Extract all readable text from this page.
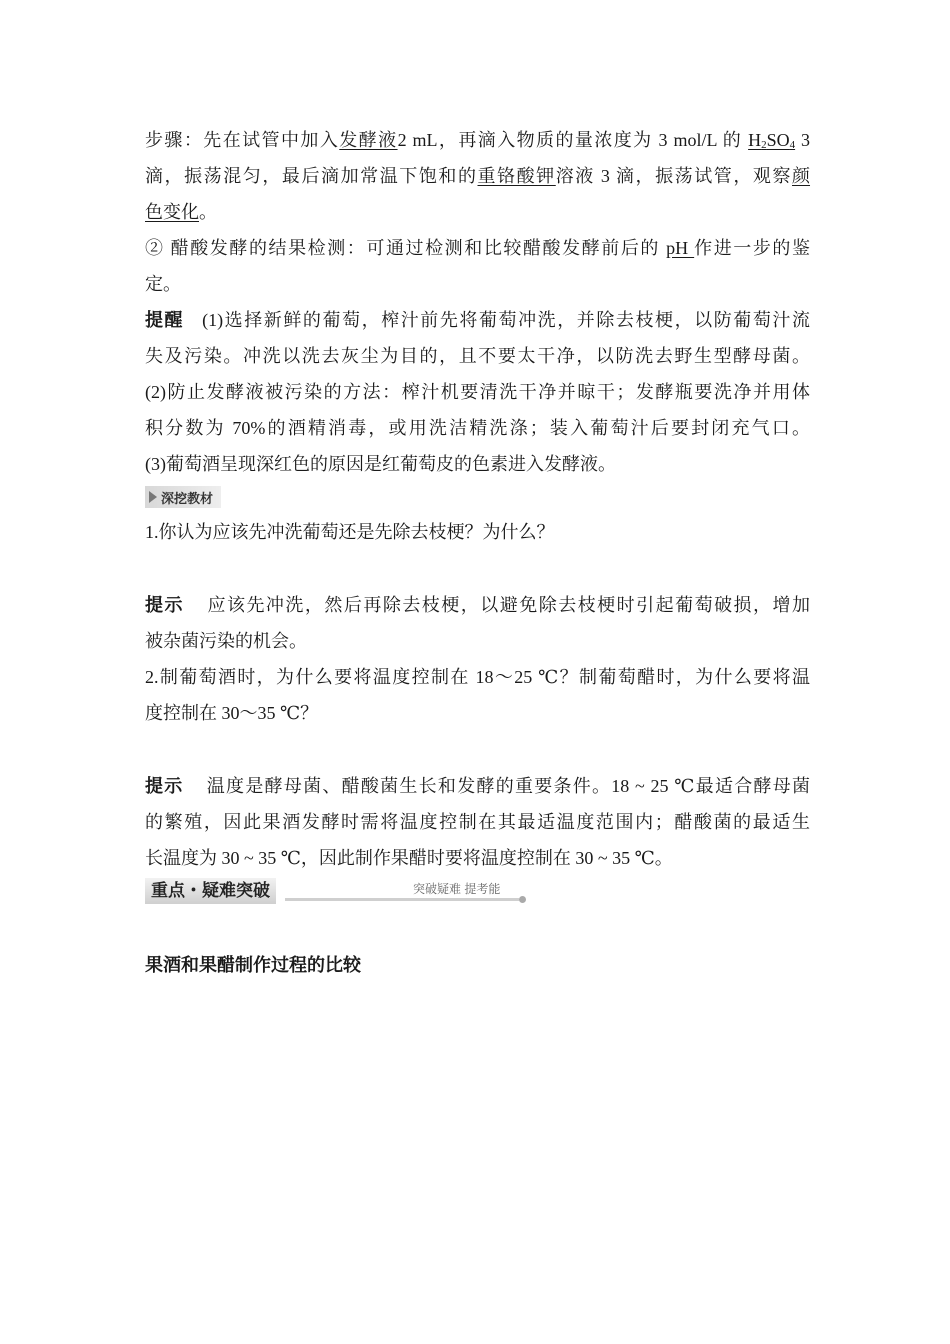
步骤：先在试管中加入发酵液2 mL，再滴入物质的量浓度为 3 mol/L 的 $H_2SO_4$ 3
滴，振荡混匀，最后滴加常温下饱和的重铬酸钾溶液 3 滴，振荡试管，观察颜
色变化。
② 醋酸发酵的结果检测：可通过检测和比较醋酸发酵前后的 pH 作进一步的鉴
定。
提醒 (1)选择新鲜的葡萄，榨汁前先将葡萄冲洗，并除去枝梗，以防葡萄汁流
失及污染。冲洗以洗去灰尘为目的，且不要太干净，以防洗去野生型酵母菌。
(2)防止发酵液被污染的方法：榨汁机要清洗干净并晾干；发酵瓶要洗净并用体
积分数为 70%的酒精消毒，或用洗洁精洗涤；装入葡萄汁后要封闭充气口。
(3)葡萄酒呈现深红色的原因是红葡萄皮的色素进入发酵液。
深挖教材
1.你认为应该先冲洗葡萄还是先除去枝梗？为什么？
提示 应该先冲洗，然后再除去枝梗，以避免除去枝梗时引起葡萄破损，增加
被杂菌污染的机会。
2.制葡萄酒时，为什么要将温度控制在 18～25 ℃？制葡萄醋时，为什么要将温
度控制在 30～35 ℃？
提示 温度是酵母菌、醋酸菌生长和发酵的重要条件。18 ~ 25 ℃最适合酵母菌
的繁殖，因此果酒发酵时需将温度控制在其最适温度范围内；醋酸菌的最适生
长温度为 30 ~ 35 ℃，因此制作果醋时要将温度控制在 30 ~ 35 ℃。
重点・疑难突破	突破疑难 提考能
果酒和果醋制作过程的比较
